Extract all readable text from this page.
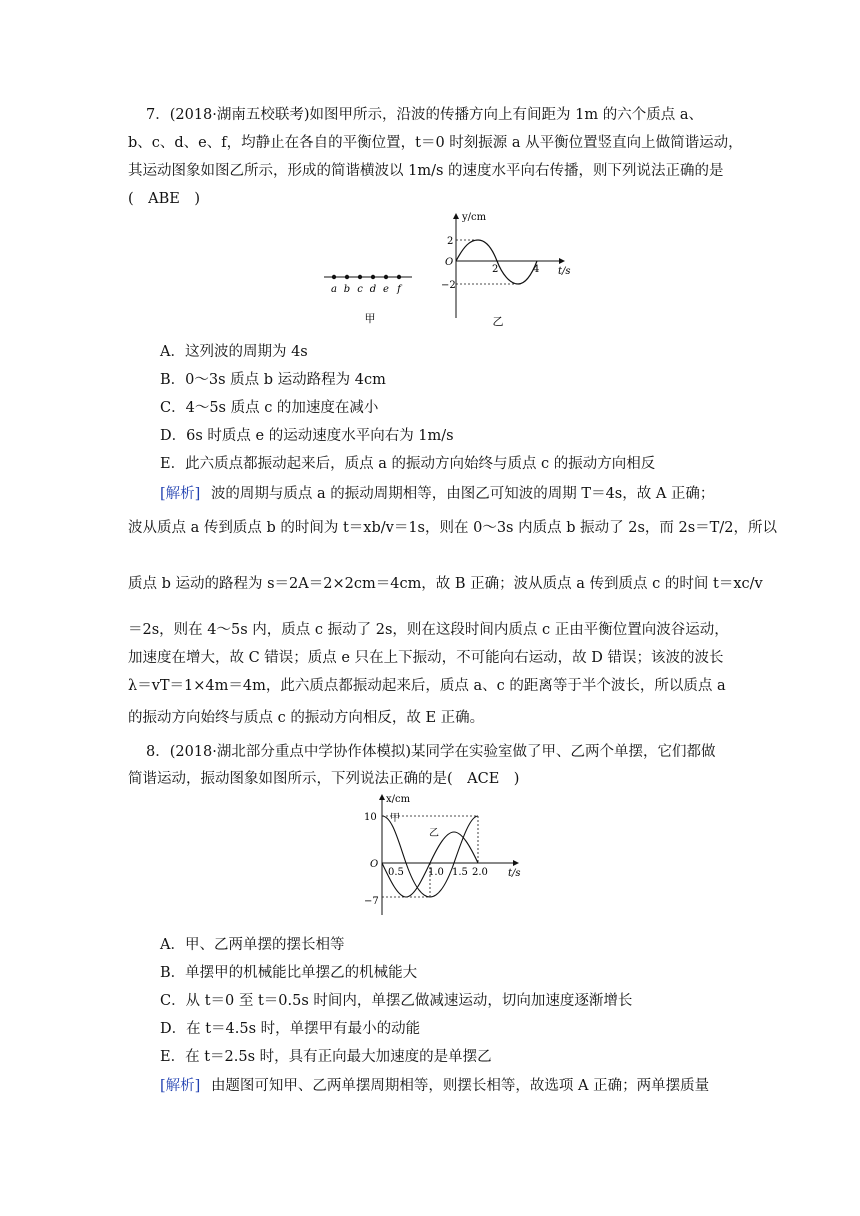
7．(2018·湖南五校联考)如图甲所示，沿波的传播方向上有间距为 1m 的六个质点 a、
b、c、d、e、f，均静止在各自的平衡位置，t＝0 时刻振源 a 从平衡位置竖直向上做简谐运动，
其运动图象如图乙所示，形成的简谐横波以 1m/s 的速度水平向右传播，则下列说法正确的是
(　ABE　)
a b c d e f
甲
y/cm
t/s
O
2
−2
2	4
乙
A．这列波的周期为 4s
B．0～3s 质点 b 运动路程为 4cm
C．4～5s 质点 c 的加速度在减小
D．6s 时质点 e 的运动速度水平向右为 1m/s
E．此六质点都振动起来后，质点 a 的振动方向始终与质点 c 的振动方向相反
[解析] 波的周期与质点 a 的振动周期相等，由图乙可知波的周期 T＝4s，故 A 正确；
波从质点 a 传到质点 b 的时间为 t＝xb/v＝1s，则在 0～3s 内质点 b 振动了 2s，而 2s＝T/2，所以
质点 b 运动的路程为 s＝2A＝2×2cm＝4cm，故 B 正确；波从质点 a 传到质点 c 的时间 t＝xc/v
＝2s，则在 4～5s 内，质点 c 振动了 2s，则在这段时间内质点 c 正由平衡位置向波谷运动，
加速度在增大，故 C 错误；质点 e 只在上下振动，不可能向右运动，故 D 错误；该波的波长
λ＝vT＝1×4m＝4m，此六质点都振动起来后，质点 a、c 的距离等于半个波长，所以质点 a
的振动方向始终与质点 c 的振动方向相反，故 E 正确。
8．(2018·湖北部分重点中学协作体模拟)某同学在实验室做了甲、乙两个单摆，它们都做
简谐运动，振动图象如图所示，下列说法正确的是(　ACE　)
x/cm
t/s
O
10
−7
0.5 1.0 1.5 2.0
甲
乙
A．甲、乙两单摆的摆长相等
B．单摆甲的机械能比单摆乙的机械能大
C．从 t＝0 至 t＝0.5s 时间内，单摆乙做减速运动，切向加速度逐渐增长
D．在 t＝4.5s 时，单摆甲有最小的动能
E．在 t＝2.5s 时，具有正向最大加速度的是单摆乙
[解析] 由题图可知甲、乙两单摆周期相等，则摆长相等，故选项 A 正确；两单摆质量
